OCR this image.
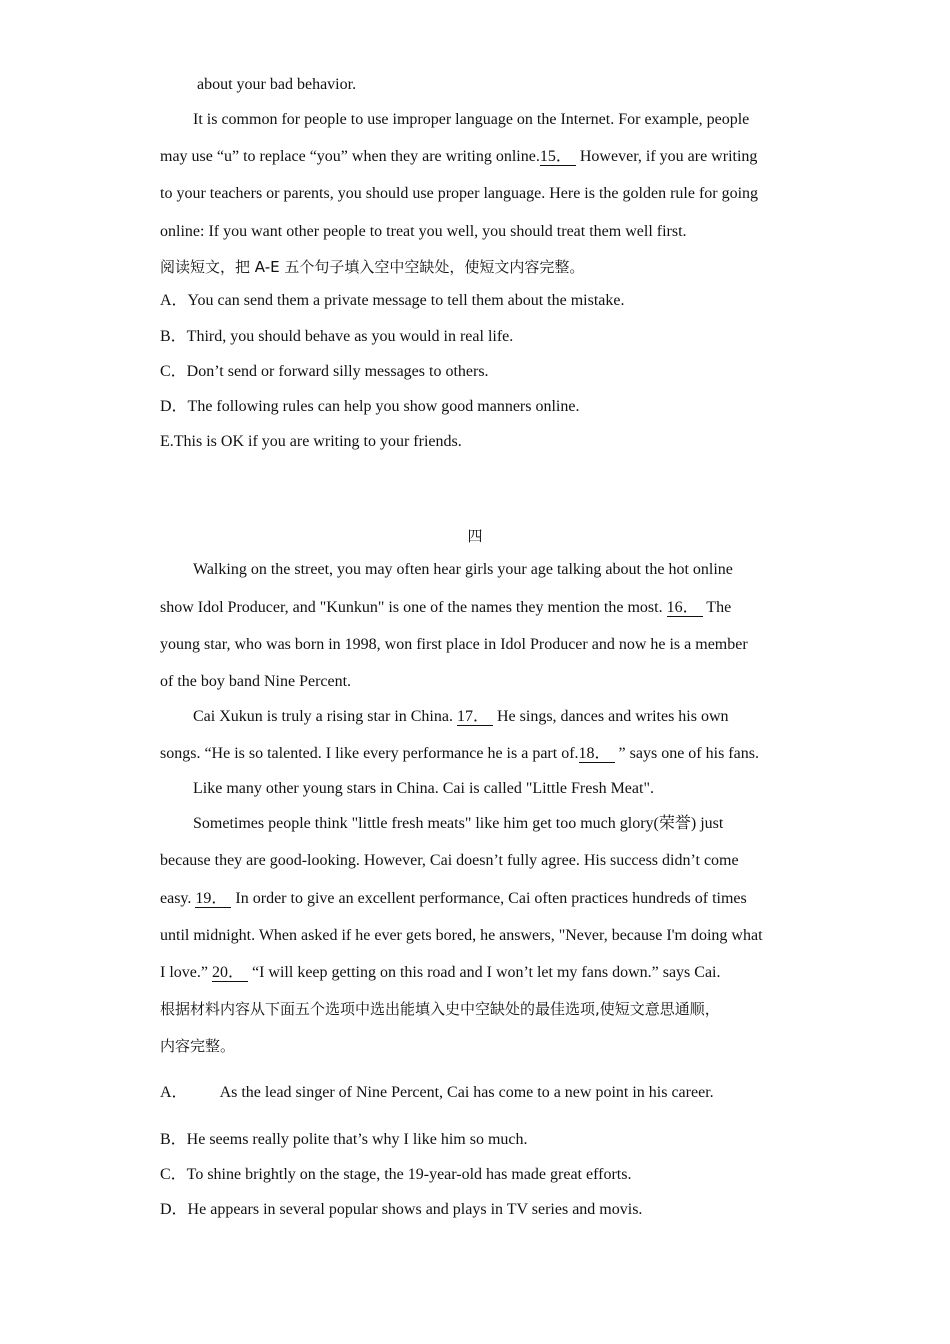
about your bad behavior.
It is common for people to use improper language on the Internet. For example, people
may use “u” to replace “you” when they are writing online.15． However, if you are writing
to your teachers or parents, you should use proper language. Here is the golden rule for going
online: If you want other people to treat you well, you should treat them well first.
阅读短文，把 A-E 五个句子填入空中空缺处，使短文内容完整。
A．You can send them a private message to tell them about the mistake.
B．Third, you should behave as you would in real life.
C．Don’t send or forward silly messages to others.
D．The following rules can help you show good manners online.
E.This is OK if you are writing to your friends.
四
Walking on the street, you may often hear girls your age talking about the hot online
show Idol Producer, and "Kunkun" is one of the names they mention the most. 16． The
young star, who was born in 1998, won first place in Idol Producer and now he is a member
of the boy band Nine Percent.
Cai Xukun is truly a rising star in China. 17． He sings, dances and writes his own
songs. “He is so talented. I like every performance he is a part of.18． ” says one of his fans.
Like many other young stars in China. Cai is called "Little Fresh Meat".
Sometimes people think "little fresh meats" like him get too much glory(荣誉) just
because they are good-looking. However, Cai doesn’t fully agree. His success didn’t come
easy. 19． In order to give an excellent performance, Cai often practices hundreds of times
until midnight. When asked if he ever gets bored, he answers, "Never, because I'm doing what
I love.” 20． “I will keep getting on this road and I won’t let my fans down.” says Cai.
根据材料内容从下面五个选项中选出能填入史中空缺处的最佳选项,使短文意思通顺，
内容完整。
A． As the lead singer of Nine Percent, Cai has come to a new point in his career.
B．He seems really polite that’s why I like him so much.
C．To shine brightly on the stage, the 19-year-old has made great efforts.
D．He appears in several popular shows and plays in TV series and movis.
